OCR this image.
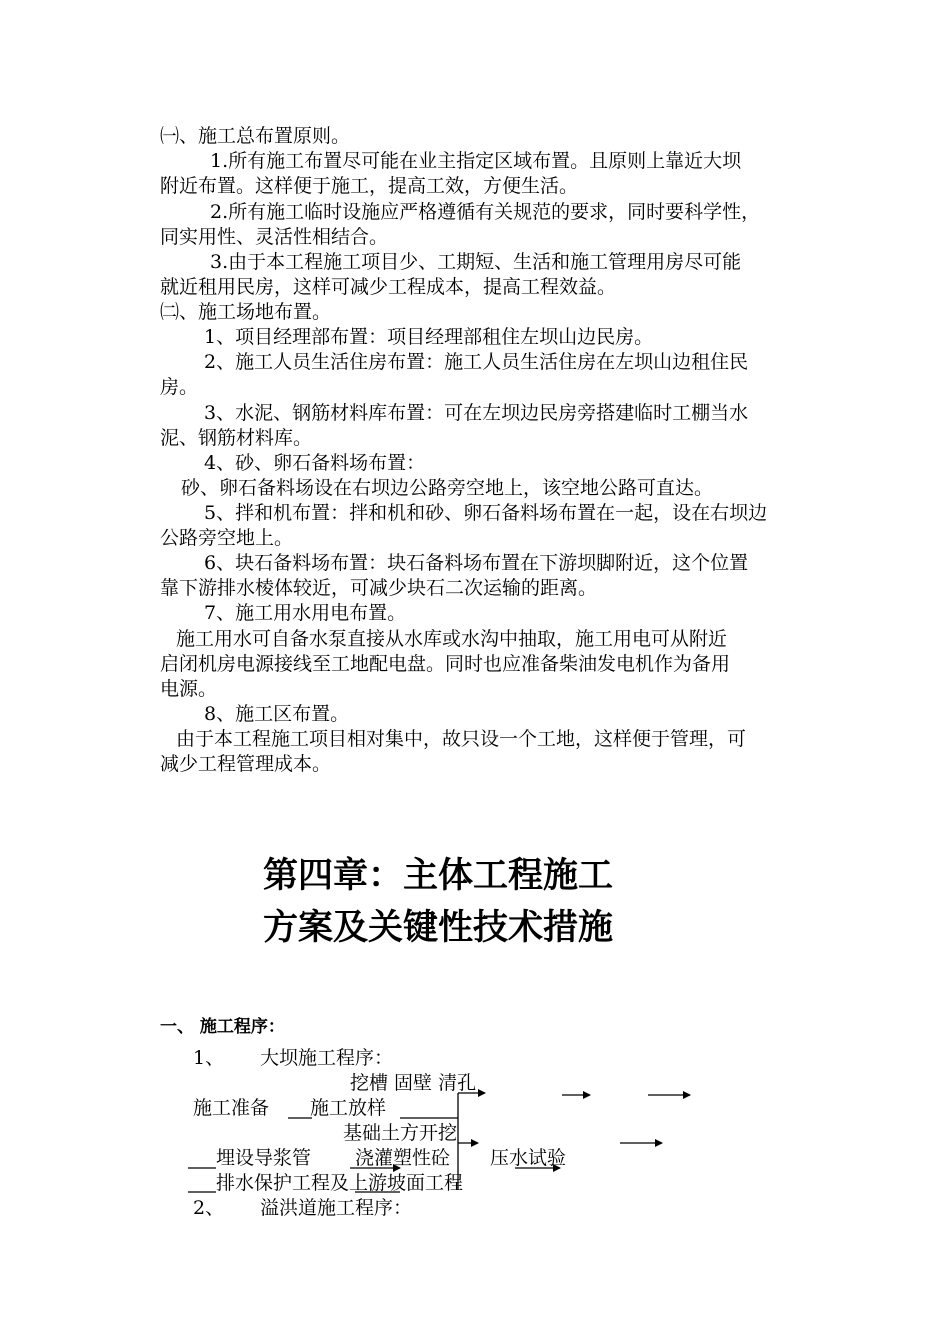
㈠、施工总布置原则。

1.所有施工布置尽可能在业主指定区域布置。且原则上靠近大坝

附近布置。这样便于施工，提高工效，方便生活。

2.所有施工临时设施应严格遵循有关规范的要求，同时要科学性，

同实用性、灵活性相结合。

3.由于本工程施工项目少、工期短、生活和施工管理用房尽可能

就近租用民房，这样可减少工程成本，提高工程效益。

㈡、施工场地布置。

1、项目经理部布置：项目经理部租住左坝山边民房。

2、施工人员生活住房布置：施工人员生活住房在左坝山边租住民

房。

3、水泥、钢筋材料库布置：可在左坝边民房旁搭建临时工棚当水

泥、钢筋材料库。

4、砂、卵石备料场布置：

砂、卵石备料场设在右坝边公路旁空地上，该空地公路可直达。

5、拌和机布置：拌和机和砂、卵石备料场布置在一起，设在右坝边

公路旁空地上。

6、块石备料场布置：块石备料场布置在下游坝脚附近，这个位置

靠下游排水棱体较近，可减少块石二次运输的距离。

7、施工用水用电布置。

施工用水可自备水泵直接从水库或水沟中抽取，施工用电可从附近

启闭机房电源接线至工地配电盘。同时也应准备柴油发电机作为备用

电源。

8、施工区布置。

由于本工程施工项目相对集中，故只设一个工地，这样便于管理，可

减少工程管理成本。

第四章：主体工程施工

方案及关键性技术措施

一、 施工程序：

1、 大坝施工程序：

挖槽 固壁 清孔

施工准备 施工放样

基础土方开挖

埋设导浆管 浇灌塑性砼 压水试验

排水保护工程及上游坡面工程

2、 溢洪道施工程序：
